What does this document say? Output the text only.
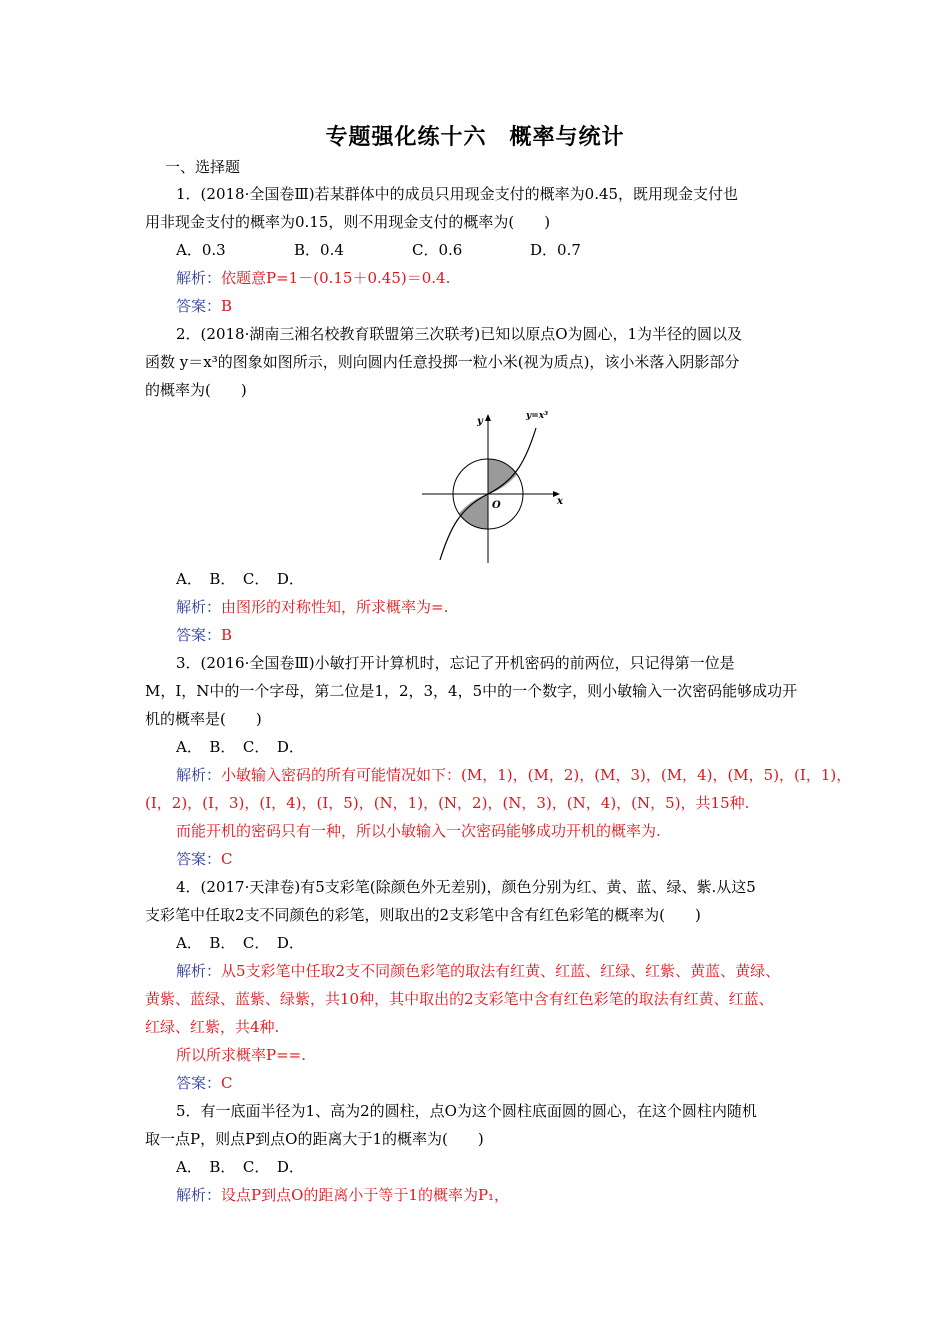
专题强化练十六　概率与统计
一、选择题
1．(2018·全国卷Ⅲ)若某群体中的成员只用现金支付的概率为0.45，既用现金支付也
用非现金支付的概率为0.15，则不用现金支付的概率为(　　)
A．0.3	B．0.4	C．0.6	D．0.7
解析：依题意P=1－(0.15＋0.45)＝0.4.
答案：B
2．(2018·湖南三湘名校教育联盟第三次联考)已知以原点O为圆心，1为半径的圆以及
函数 y＝x³的图象如图所示，则向圆内任意投掷一粒小米(视为质点)，该小米落入阴影部分
的概率为(　　)
y
x
O
y=x³
A．　B．　C．　D．
解析：由图形的对称性知，所求概率为=.
答案：B
3．(2016·全国卷Ⅲ)小敏打开计算机时，忘记了开机密码的前两位，只记得第一位是
M，I，N中的一个字母，第二位是1，2，3，4，5中的一个数字，则小敏输入一次密码能够成功开
机的概率是(　　)
A．　B．　C．　D．
解析：小敏输入密码的所有可能情况如下：(M，1)，(M，2)，(M，3)，(M，4)，(M，5)，(I，1)，
(I，2)，(I，3)，(I，4)，(I，5)，(N，1)，(N，2)，(N，3)，(N，4)，(N，5)，共15种.
而能开机的密码只有一种，所以小敏输入一次密码能够成功开机的概率为.
答案：C
4．(2017·天津卷)有5支彩笔(除颜色外无差别)，颜色分别为红、黄、蓝、绿、紫.从这5
支彩笔中任取2支不同颜色的彩笔，则取出的2支彩笔中含有红色彩笔的概率为(　　)
A．　B．　C．　D．
解析：从5支彩笔中任取2支不同颜色彩笔的取法有红黄、红蓝、红绿、红紫、黄蓝、黄绿、
黄紫、蓝绿、蓝紫、绿紫，共10种，其中取出的2支彩笔中含有红色彩笔的取法有红黄、红蓝、
红绿、红紫，共4种.
所以所求概率P==.
答案：C
5．有一底面半径为1、高为2的圆柱，点O为这个圆柱底面圆的圆心，在这个圆柱内随机
取一点P，则点P到点O的距离大于1的概率为(　　)
A．　B．　C．　D．
解析：设点P到点O的距离小于等于1的概率为P₁，
